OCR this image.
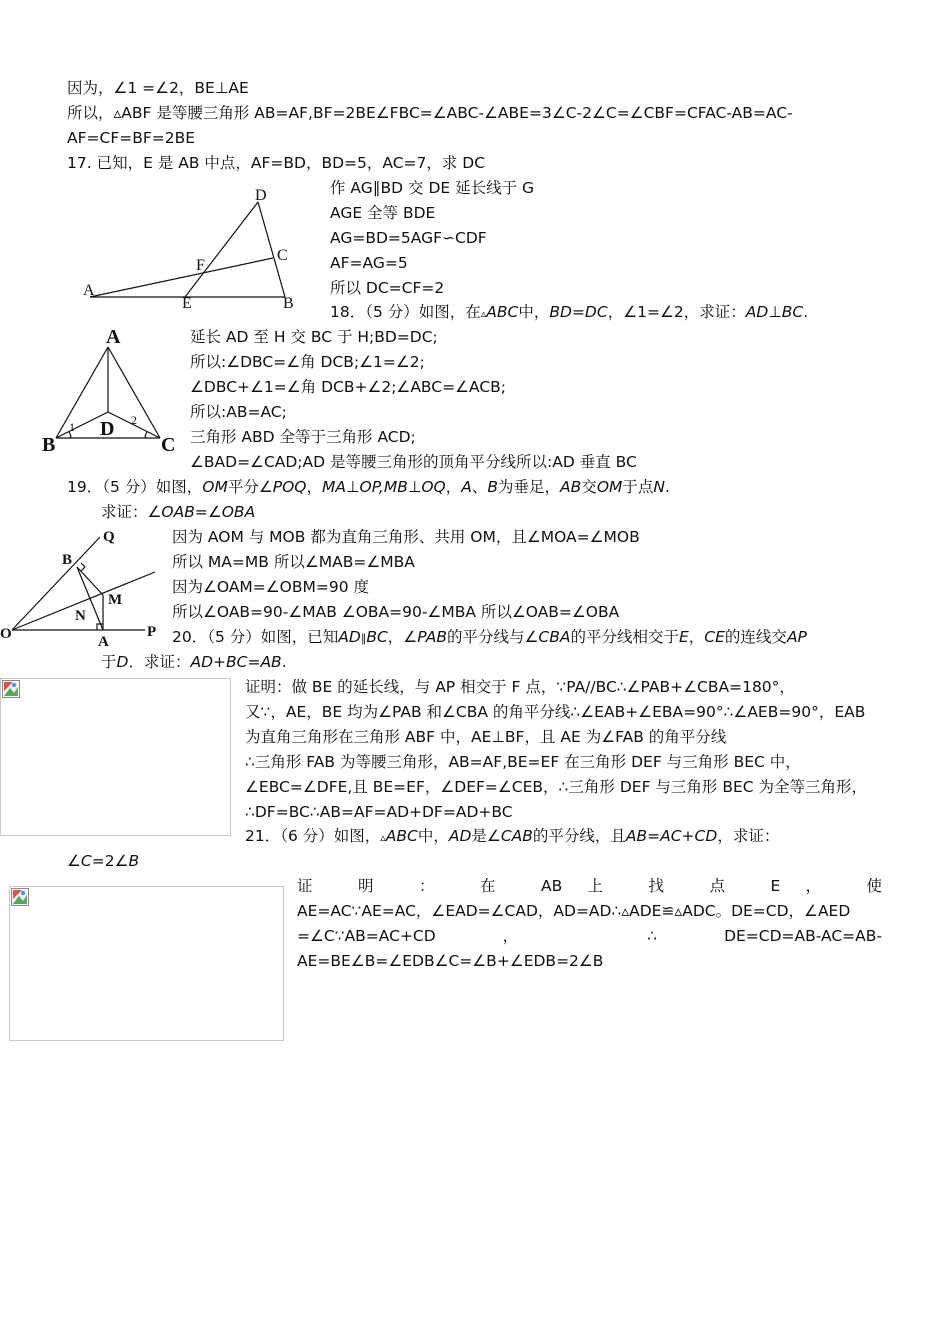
因为，∠1 =∠2，BE⊥AE
所以，▵ABF 是等腰三角形 AB=AF,BF=2BE∠FBC=∠ABC-∠ABE=3∠C-2∠C=∠CBF=CFAC-AB=AC-
AF=CF=BF=2BE
17. 已知，E 是 AB 中点，AF=BD，BD=5，AC=7，求 DC
作 AG∥BD 交 DE 延长线于 G
AGE 全等 BDE
AG=BD=5AGF∽CDF
AF=AG=5
所以 DC=CF=2
D
C
F
A
E	B 18．（5 分）如图，在▵ABC中，BD=DC，∠1=∠2，求证：AD⊥BC.
延长 AD 至 H 交 BC 于 H;BD=DC;
所以:∠DBC=∠角 DCB;∠1=∠2;
∠DBC+∠1=∠角 DCB+∠2;∠ABC=∠ACB;
所以:AB=AC;
三角形 ABD 全等于三角形 ACD;
∠BAD=∠CAD;AD 是等腰三角形的顶角平分线所以:AD 垂直 BC
A
B	C
D
1	2
19．（5 分）如图，OM平分∠POQ，MA⊥OP,MB⊥OQ，A、B为垂足，AB交OM于点N.
求证：∠OAB=∠OBA
因为 AOM 与 MOB 都为直角三角形、共用 OM，且∠MOA=∠MOB
所以 MA=MB 所以∠MAB=∠MBA
因为∠OAM=∠OBM=90 度
所以∠OAB=90-∠MAB ∠OBA=90-∠MBA 所以∠OAB=∠OBA
Q
B
M
N
O	A
P 20．（5 分）如图，已知AD∥BC，∠PAB的平分线与∠CBA的平分线相交于E，CE的连线交AP
于D．求证：AD+BC=AB.
证明：做 BE 的延长线，与 AP 相交于 F 点，∵PA//BC∴∠PAB+∠CBA=180°，
又∵，AE，BE 均为∠PAB 和∠CBA 的角平分线∴∠EAB+∠EBA=90°∴∠AEB=90°，EAB
为直角三角形在三角形 ABF 中，AE⊥BF，且 AE 为∠FAB 的角平分线
∴三角形 FAB 为等腰三角形，AB=AF,BE=EF 在三角形 DEF 与三角形 BEC 中，
∠EBC=∠DFE,且 BE=EF，∠DEF=∠CEB，∴三角形 DEF 与三角形 BEC 为全等三角形，
∴DF=BC∴AB=AF=AD+DF=AD+BC
21．（6 分）如图，▵ABC中，AD是∠CAB的平分线，且AB=AC+CD，求证：
∠C=2∠B
证 明 ： 在 AB 上 找 点 E ， 使
AE=AC∵AE=AC，∠EAD=∠CAD，AD=AD∴▵ADE≌▵ADC。DE=CD，∠AED
=∠C∵AB=AC+CD ， ∴ DE=CD=AB-AC=AB-
AE=BE∠B=∠EDB∠C=∠B+∠EDB=2∠B
